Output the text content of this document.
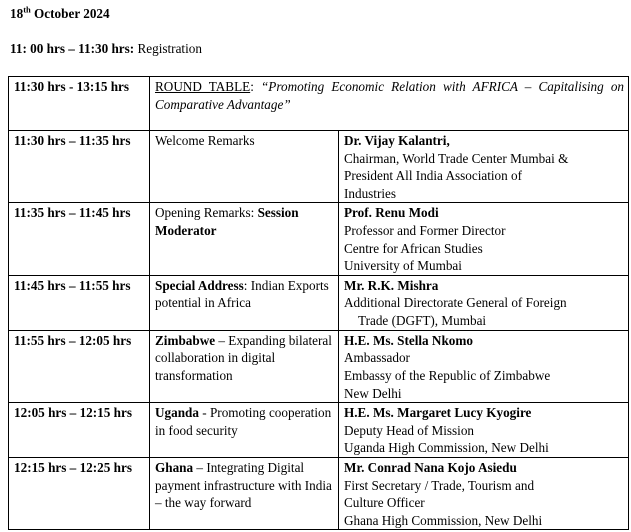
18th October 2024
11: 00 hrs – 11:30 hrs: Registration
11:30 hrs - 13:15 hrs	ROUND TABLE: “Promoting Economic Relation with AFRICA – Capitalising on Comparative Advantage”	
11:30 hrs – 11:35 hrs	Welcome Remarks	Dr. Vijay Kalantri,
Chairman, World Trade Center Mumbai &
President All India Association of
Industries
11:35 hrs – 11:45 hrs	Opening Remarks: Session Moderator	Prof. Renu Modi
Professor and Former Director
Centre for African Studies
University of Mumbai
11:45 hrs – 11:55 hrs	Special Address: Indian Exports potential in Africa	Mr. R.K. Mishra
Additional Directorate General of Foreign
Trade (DGFT), Mumbai
11:55 hrs – 12:05 hrs	Zimbabwe – Expanding bilateral collaboration in digital transformation	H.E. Ms. Stella Nkomo
Ambassador
Embassy of the Republic of Zimbabwe
New Delhi
12:05 hrs – 12:15 hrs	Uganda - Promoting cooperation in food security	H.E. Ms. Margaret Lucy Kyogire
Deputy Head of Mission
Uganda High Commission, New Delhi
12:15 hrs – 12:25 hrs	Ghana – Integrating Digital payment infrastructure with India – the way forward	Mr. Conrad Nana Kojo Asiedu
First Secretary / Trade, Tourism and
Culture Officer
Ghana High Commission, New Delhi
